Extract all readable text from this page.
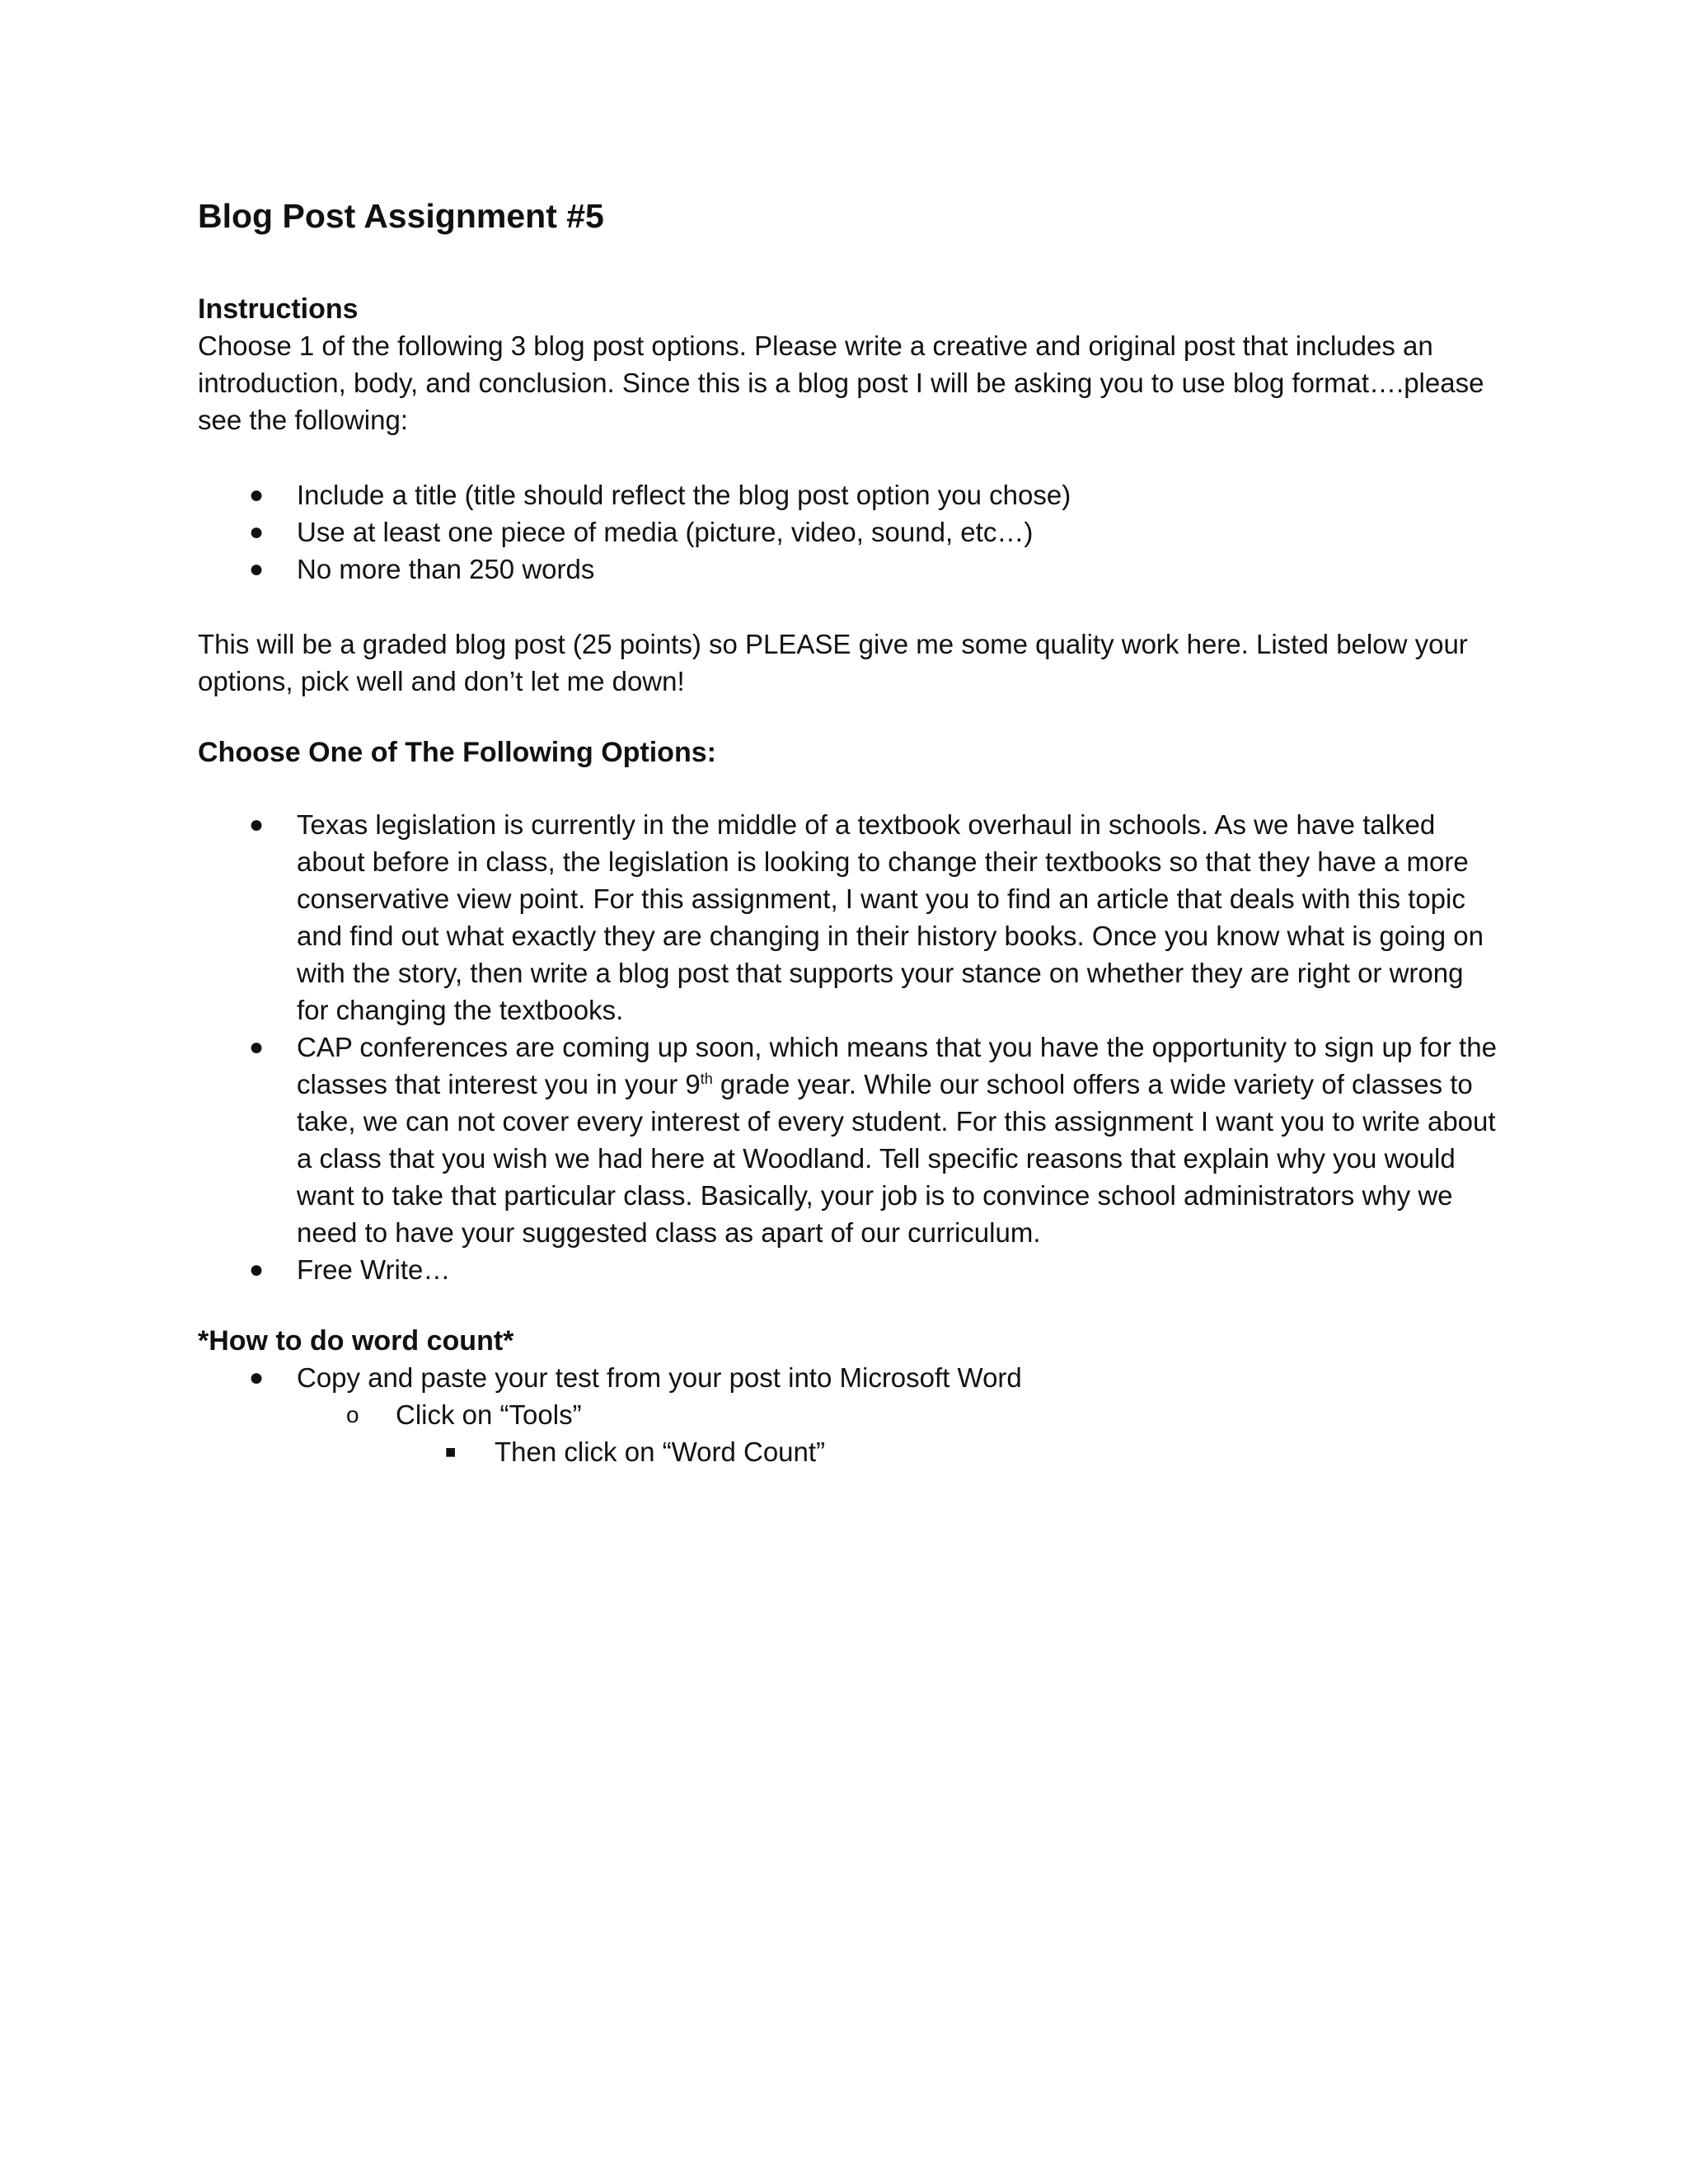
Blog Post Assignment #5
Instructions

Choose 1 of the following 3 blog post options. Please write a creative and original post that includes an introduction, body, and conclusion. Since this is a blog post I will be asking you to use blog format….please see the following:

● Include a title (title should reflect the blog post option you chose)
● Use at least one piece of media (picture, video, sound, etc…)
● No more than 250 words

This will be a graded blog post (25 points) so PLEASE give me some quality work here. Listed below your options, pick well and don’t let me down!

Choose One of The Following Options:
● Texas legislation is currently in the middle of a textbook overhaul in schools. As we have talked about before in class, the legislation is looking to change their textbooks so that they have a more conservative view point. For this assignment, I want you to find an article that deals with this topic and find out what exactly they are changing in their history books. Once you know what is going on with the story, then write a blog post that supports your stance on whether they are right or wrong for changing the textbooks.
● CAP conferences are coming up soon, which means that you have the opportunity to sign up for the classes that interest you in your 9th grade year. While our school offers a wide variety of classes to take, we can not cover every interest of every student. For this assignment I want you to write about a class that you wish we had here at Woodland. Tell specific reasons that explain why you would want to take that particular class. Basically, your job is to convince school administrators why we need to have your suggested class as apart of our curriculum.
● Free Write…
*How to do word count*
● Copy and paste your test from your post into Microsoft Word
o Click on “Tools”
■ Then click on “Word Count”
